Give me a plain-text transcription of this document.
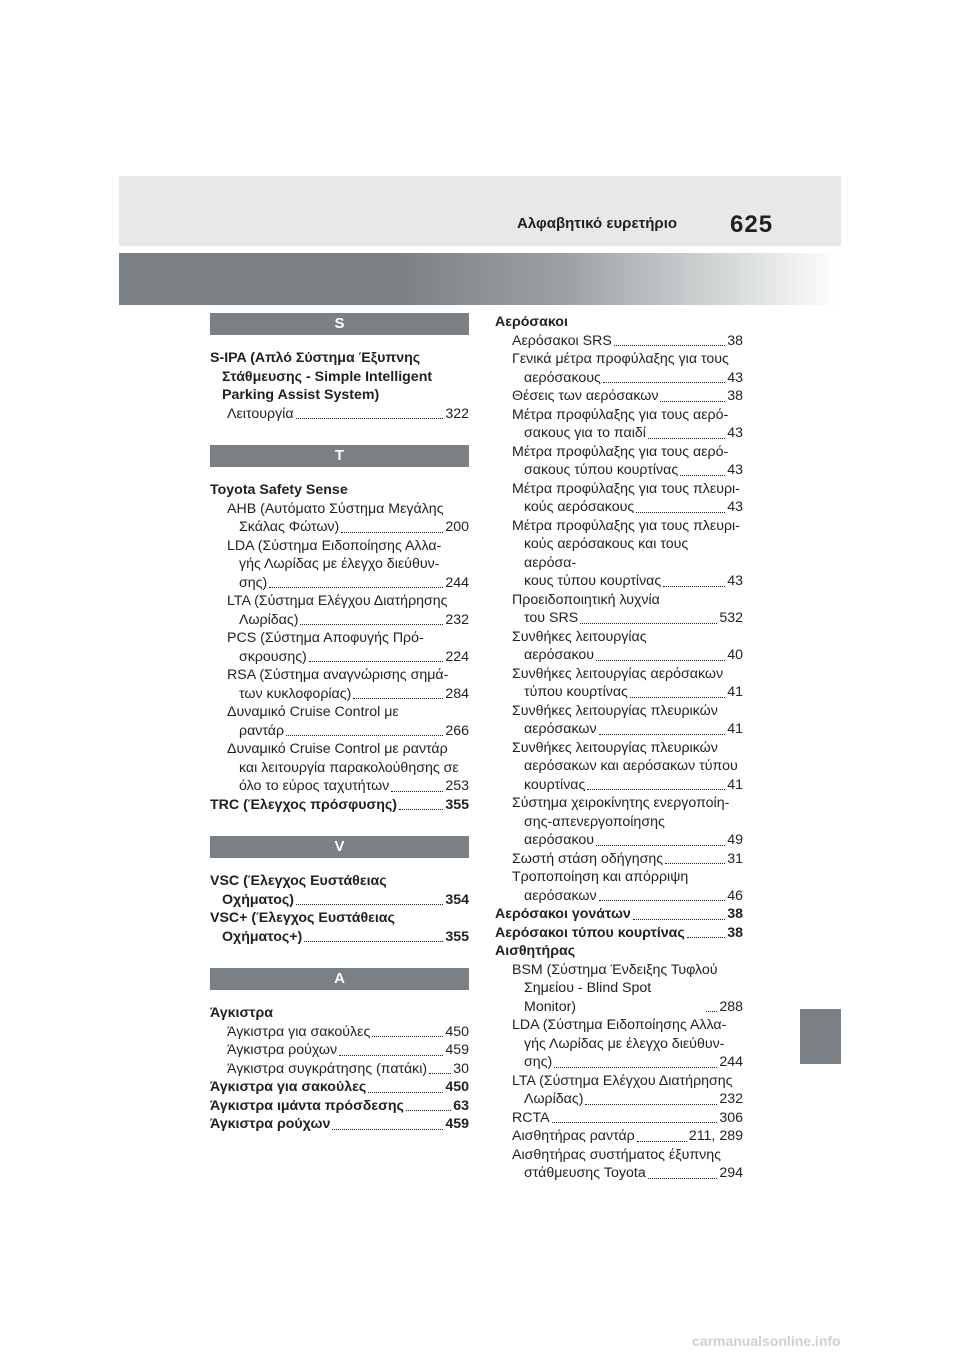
Αλφαβητικό ευρετήριο 625
S
S-IPA (Απλό Σύστημα Έξυπνης
Στάθμευσης - Simple Intelligent
Parking Assist System)
Λειτουργία	322
T
Toyota Safety Sense
AHB (Αυτόματο Σύστημα Μεγάλης
Σκάλας Φώτων)	200
LDA (Σύστημα Ειδοποίησης Αλλα-
γής Λωρίδας με έλεγχο διεύθυν-
σης)	244
LTA (Σύστημα Ελέγχου Διατήρησης
Λωρίδας)	232
PCS (Σύστημα Αποφυγής Πρό-
σκρουσης)	224
RSA (Σύστημα αναγνώρισης σημά-
των κυκλοφορίας)	284
Δυναμικό Cruise Control με
ραντάρ	266
Δυναμικό Cruise Control με ραντάρ
και λειτουργία παρακολούθησης σε
όλο το εύρος ταχυτήτων	253
TRC (Έλεγχος πρόσφυσης)	355
V
VSC (Έλεγχος Ευστάθειας
Οχήματος)	354
VSC+ (Έλεγχος Ευστάθειας
Οχήματος+)	355
Α
Άγκιστρα
Άγκιστρα για σακούλες	450
Άγκιστρα ρούχων	459
Άγκιστρα συγκράτησης (πατάκι) 30
Άγκιστρα για σακούλες	450
Άγκιστρα ιμάντα πρόσδεσης	63
Άγκιστρα ρούχων	459
Αερόσακοι
Αερόσακοι SRS	38
Γενικά μέτρα προφύλαξης για τους
αερόσακους	43
Θέσεις των αερόσακων	38
Μέτρα προφύλαξης για τους αερό-
σακους για το παιδί	43
Μέτρα προφύλαξης για τους αερό-
σακους τύπου κουρτίνας	43
Μέτρα προφύλαξης για τους πλευρι-
κούς αερόσακους	43
Μέτρα προφύλαξης για τους πλευρι-
κούς αερόσακους και τους αερόσα-
κους τύπου κουρτίνας	43
Προειδοποιητική λυχνία
του SRS	532
Συνθήκες λειτουργίας
αερόσακου	40
Συνθήκες λειτουργίας αερόσακων
τύπου κουρτίνας	41
Συνθήκες λειτουργίας πλευρικών
αερόσακων	41
Συνθήκες λειτουργίας πλευρικών
αερόσακων και αερόσακων τύπου
κουρτίνας	41
Σύστημα χειροκίνητης ενεργοποίη-
σης-απενεργοποίησης
αερόσακου	49
Σωστή στάση οδήγησης	31
Τροποποίηση και απόρριψη
αερόσακων	46
Αερόσακοι γονάτων	38
Αερόσακοι τύπου κουρτίνας	38
Αισθητήρας
BSM (Σύστημα Ένδειξης Τυφλού
Σημείου - Blind Spot Monitor)	288
LDA (Σύστημα Ειδοποίησης Αλλα-
γής Λωρίδας με έλεγχο διεύθυν-
σης)	244
LTA (Σύστημα Ελέγχου Διατήρησης
Λωρίδας)	232
RCTA	306
Αισθητήρας ραντάρ	211, 289
Αισθητήρας συστήματος έξυπνης
στάθμευσης Toyota	294
carmanualsonline.info
